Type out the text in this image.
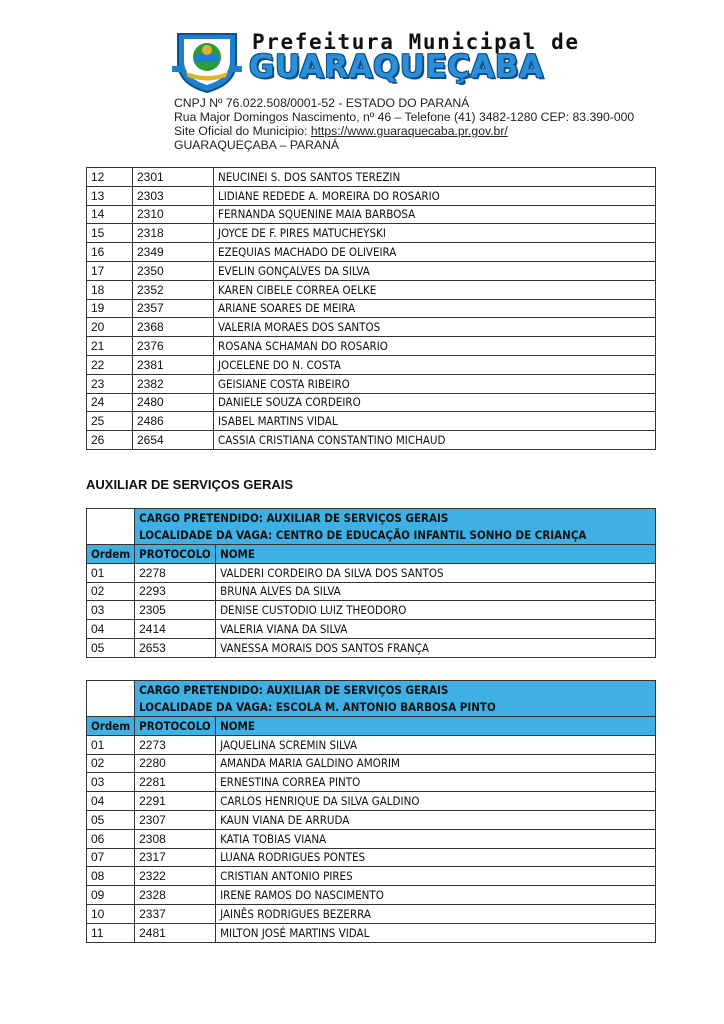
Prefeitura Municipal de
GUARAQUEÇABA
CNPJ Nº 76.022.508/0001-52 - ESTADO DO PARANÁ
Rua Major Domingos Nascimento, nº 46 – Telefone (41) 3482-1280 CEP: 83.390-000
Site Oficial do Municipio: https://www.guaraquecaba.pr.gov.br/
GUARAQUEÇABA – PARANÁ
12	2301	NEUCINEI S. DOS SANTOS TEREZIN
13	2303	LIDIANE REDEDE A. MOREIRA DO ROSARIO
14	2310	FERNANDA SQUENINE MAIA BARBOSA
15	2318	JOYCE DE F. PIRES MATUCHEYSKI
16	2349	EZEQUIAS MACHADO DE OLIVEIRA
17	2350	EVELIN GONÇALVES DA SILVA
18	2352	KAREN CIBELE CORREA OELKE
19	2357	ARIANE SOARES DE MEIRA
20	2368	VALERIA MORAES DOS SANTOS
21	2376	ROSANA SCHAMAN DO ROSARIO
22	2381	JOCELENE DO N. COSTA
23	2382	GEISIANE COSTA RIBEIRO
24	2480	DANIELE SOUZA CORDEIRO
25	2486	ISABEL MARTINS VIDAL
26	2654	CASSIA CRISTIANA CONSTANTINO MICHAUD
AUXILIAR DE SERVIÇOS GERAIS

	CARGO PRETENDIDO: AUXILIAR DE SERVIÇOS GERAIS
LOCALIDADE DA VAGA: CENTRO DE EDUCAÇÃO INFANTIL SONHO DE CRIANÇA	

Ordem	PROTOCOLO	NOME
01	2278	VALDERI CORDEIRO DA SILVA DOS SANTOS
02	2293	BRUNA ALVES DA SILVA
03	2305	DENISE CUSTODIO LUIZ THEODORO
04	2414	VALERIA VIANA DA SILVA
05	2653	VANESSA MORAIS DOS SANTOS FRANÇA

	CARGO PRETENDIDO: AUXILIAR DE SERVIÇOS GERAIS
LOCALIDADE DA VAGA: ESCOLA M. ANTONIO BARBOSA PINTO	

Ordem	PROTOCOLO	NOME
01	2273	JAQUELINA SCREMIN SILVA
02	2280	AMANDA MARIA GALDINO AMORIM
03	2281	ERNESTINA CORREA PINTO
04	2291	CARLOS HENRIQUE DA SILVA GALDINO
05	2307	KAUN VIANA DE ARRUDA
06	2308	KATIA TOBIAS VIANA
07	2317	LUANA RODRIGUES PONTES
08	2322	CRISTIAN ANTONIO PIRES
09	2328	IRENE RAMOS DO NASCIMENTO
10	2337	JAINÊS RODRIGUES BEZERRA
11	2481	MILTON JOSÉ MARTINS VIDAL
